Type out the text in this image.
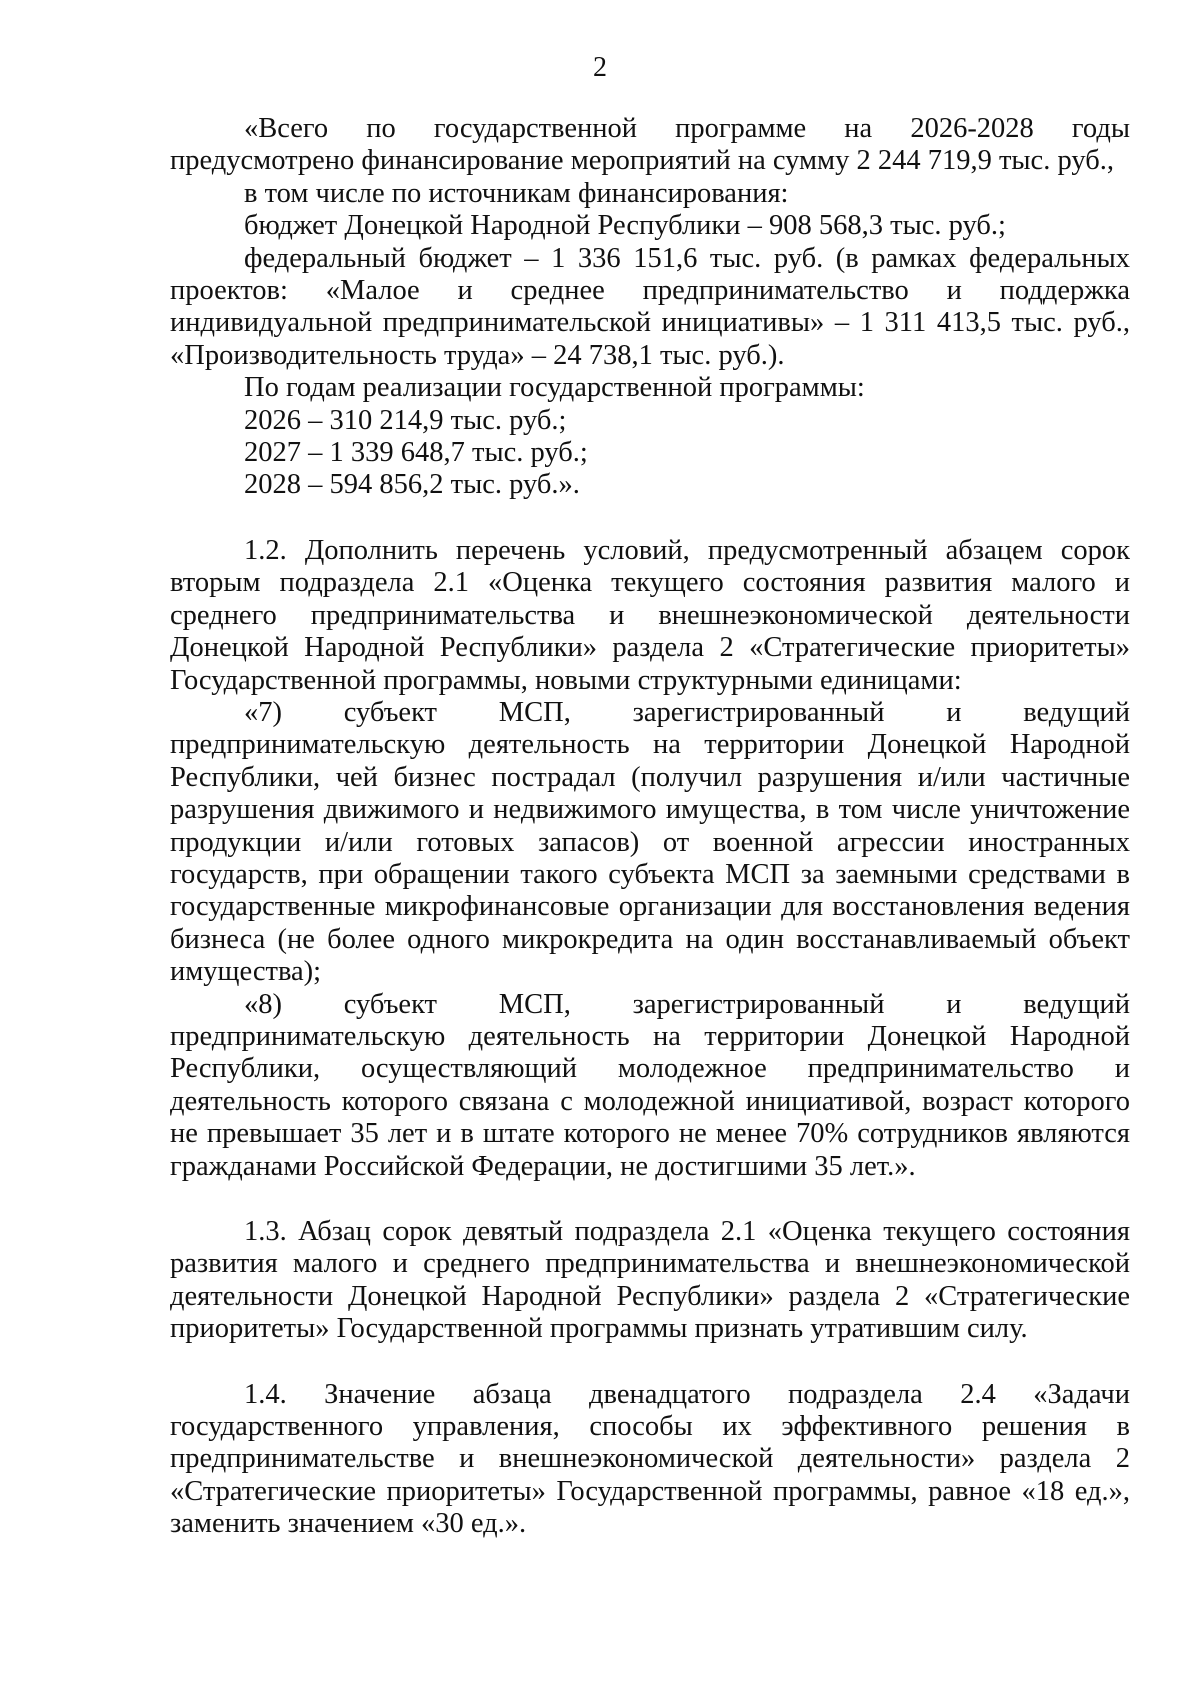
2

«Всего по государственной программе на 2026-2028 годы предусмотрено финансирование мероприятий на сумму 2 244 719,9 тыс. руб.,

в том числе по источникам финансирования:

бюджет Донецкой Народной Республики – 908 568,3 тыс. руб.;

федеральный бюджет – 1 336 151,6 тыс. руб. (в рамках федеральных проектов: «Малое и среднее предпринимательство и поддержка индивидуальной предпринимательской инициативы» – 1 311 413,5 тыс. руб., «Производительность труда» – 24 738,1 тыс. руб.).

По годам реализации государственной программы:

2026 – 310 214,9 тыс. руб.;

2027 – 1 339 648,7 тыс. руб.;

2028 – 594 856,2 тыс. руб.».

1.2. Дополнить перечень условий, предусмотренный абзацем сорок вторым подраздела 2.1 «Оценка текущего состояния развития малого и среднего предпринимательства и внешнеэкономической деятельности Донецкой Народной Республики» раздела 2 «Стратегические приоритеты» Государственной программы, новыми структурными единицами:

«7) субъект МСП, зарегистрированный и ведущий предпринимательскую деятельность на территории Донецкой Народной Республики, чей бизнес пострадал (получил разрушения и/или частичные разрушения движимого и недвижимого имущества, в том числе уничтожение продукции и/или готовых запасов) от военной агрессии иностранных государств, при обращении такого субъекта МСП за заемными средствами в государственные микрофинансовые организации для восстановления ведения бизнеса (не более одного микрокредита на один восстанавливаемый объект имущества);

«8) субъект МСП, зарегистрированный и ведущий предпринимательскую деятельность на территории Донецкой Народной Республики, осуществляющий молодежное предпринимательство и деятельность которого связана с молодежной инициативой, возраст которого не превышает 35 лет и в штате которого не менее 70% сотрудников являются гражданами Российской Федерации, не достигшими 35 лет.».

1.3. Абзац сорок девятый подраздела 2.1 «Оценка текущего состояния развития малого и среднего предпринимательства и внешнеэкономической деятельности Донецкой Народной Республики» раздела 2 «Стратегические приоритеты» Государственной программы признать утратившим силу.

1.4. Значение абзаца двенадцатого подраздела 2.4 «Задачи государственного управления, способы их эффективного решения в предпринимательстве и внешнеэкономической деятельности» раздела 2 «Стратегические приоритеты» Государственной программы, равное «18 ед.», заменить значением «30 ед.».
